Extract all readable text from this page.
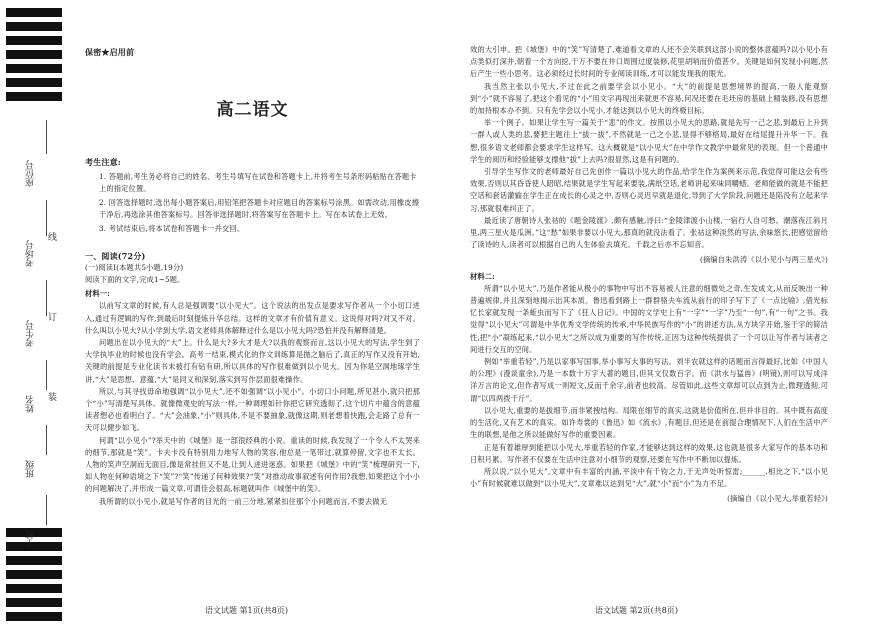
座位号
考场号
考生号
姓名
班级
学校
线
订
装
保密★启用前
高二语文
考生注意:
1. 答题前,考生务必将自己的姓名、考生号填写在试卷和答题卡上,并将考生号条形码粘贴在答题卡上的指定位置。
2. 回答选择题时,选出每小题答案后,用铅笔把答题卡对应题目的答案标号涂黑。如需改动,用橡皮擦干净后,再选涂其他答案标号。回答非选择题时,将答案写在答题卡上。写在本试卷上无效。
3. 考试结束后,将本试卷和答题卡一并交回。
一、阅读(72分)

(一)阅读Ⅰ(本题共5小题,19分)

阅读下面的文字,完成1~5题。

材料一:

以前写文章的时候,有人总是强调要“以小见大”。这个说法的出发点是要求写作者从一个小切口进入,通过有逻辑的写作,到最后时刻提炼升华总结。这样的文章才有价值有意义。这说得对吗?对又不对。什么叫以小见大?从小学到大学,语文老师具体解释过什么是以小见大吗?恐怕并没有解释清楚。

问题出在以小见大的“大”上。什么是大?多大才是大?以我的观察而言,这以小见大的写法,学生到了大学执毕业的时候也没有学会。高考一结束,模式化的作文训练算是抛之脑后了,真正的写作又没有开始,关键的前提是专业化读书未被打有钻有研,所以具体的写作很难做到以小见大。因为你是空洞地琢学生讲,“大”是思想、意蕴,“大”是同义和深刻,落实到写作层面很难操作。

所以,与其寻找毋命地强调“以小见大”,还不如强调“以小见小”。小切口小问题,所见甚小,就只把那个“小”写清楚写具体。就像微观史的写法一样,一种调理如针你把它研究透彻了,这个切片中蕴含的意蕴读者想必也看明白了。“大”会油象,“小”则具体,不是不要抽象,就像这期,则老想着快跑,会走路了总有一天可以健步如飞。

何谓“以小见小”?举天中的《城堡》是一部很经典的小说。重读的时候,我发现了一个令人不太哭来的细节,那就是“笑”。卡夫卡没有特别用力地写人物的笑容,他总是一笔带过,就算停留,文字也不太长。人物的笑声空洞而无面目,像是常挂但又不是,让到人迸进迷惑。如果把《城堡》中的“笑”梳理研究一下,如人物在何种语境之下“笑”?“笑”传递了何种效果?“笑”对推动故事叙述有何作用?我想,如果把这个小小的问题解决了,并形成一篇文章,可谓佳会很高,标题就叫作《城堡中的笑》。

我所谓的以小见小,就是写作者的目光的一前三分地,紧紧扣住那个小问题而言,不要去做无

效的大引申。把《城堡》中的“笑”写清楚了,难道看文章的人还不会关联到这部小说的整体意蕴吗?以小见小有点类似打深井,朝着一个方向挖,干万不要在井口周围过度装修,花里胡哨而价值甚少。关键是如何发现小问题,然后产生一些小思考。这必须经过长时间的专业阅读训练,才可以能发现我的眼光。

我当然主张以小见大,不过在此之前要学会以小见小。“大”的前提是思想境界的提高,一般人能观察到“小”就不容易了,把这个看见的“小”用文字再现出来就更不容易,何况还要在毛坯房的基础上精装修,没有思想的加持根本办不到。只有先学会以小见小,才能达到以小见大的终极目标。

举一个例子。如果让学生写一篇关于“悲”的作文。按照以小见大的思路,就是先写一己之悲,到最后上升到一群人或人类的悲,要把主题往上“拔一拔”,不然就是一己之小悲,显得不够格局,最好在结尾提升升华一下。我想,很多语文老师都会要求学生这样写。这大概就是“以小见大”在中学作文教学中最常见的表现。但一个普通中学生的阅历和经验能够支撑他“拔”上去吗?很显然,这是有问题的。

引导学生写作文的老师最好自己先创作一篇以小见大的作品,给学生作为案例来示范,我觉得可能这会有些效果,否则以其昏昏使人昭昭,结果就是学生写起来要装,满纸空话,老师讲起来味同嚼蜡。老师能做的就是不能把空话和套话灌输在学生正在成长的心灵之中,否则心灵迟早就是退化,导到了大学阶段,问题还是陷没有立起来学习,那就很难纠正了。

最近读了唐朝诗人张祜的《题金陵渡》,颇有感触,诗曰:“金陵津渡小山楼,一宿行人自可愁。潮落夜江斜月里,两三星火是瓜洲。”这“愁”如果非要以小见大,那真的就没法看了。张祜这种淡然的写法,余味悠长,把感觉留给了读诗的人,读者可以根据自己的人生体验去填充。千载之后亦不忘知音。

(摘编自朱洪涛《以小见小与两三星火》)

材料二:

所谓“以小见大”,乃是作者能从极小的事物中写出不容易被人注意的细微处之奇,生发成文,从而反映出一种普遍规律,并且深刻地揭示出其本质。鲁迅看到路上一群群骆夫车流从前行的印子写下了《一点比喻》,借光标忆长家就发现一条蚯虫而写下了《狂人日记》。中国的文学史上有“一字”“一字”乃至“一句”,有“一句”之书。我觉得“以小见大”可谓是中华优秀文学传统的传承,中华民族写作的“小”的讲述方法,从方块字开始,鉴于字的简洁性,把“小”凝练起来,“以小见大”之所以成为重要的写作传统,正因为这种传统提供了一个可以让写作者与读者之间进行交互的空间。

例如“举重若轻”,乃是以家事写国事,举小事写大事的写法。刘半农就这样的话题而言得最好,比如《中国人的公理》(漫谈童余),乃是一本数十万字大著的题目,但其文仅数百字。而《洪水与猛兽》(明镜),则可以写成洋洋万言的论文,但作者写成一则短文,反而千余字,前者也较高。尽管如此,这些文章却可以点到为止,微理透彻,可谓“以四两拨千斤”。

以小见大,重要的是拔细节,而非紧拽结构。局限在细节的真实,这就是价值所在,但并非目的。其中既有高度的生活化,又有艺术的真实。如许寿裳的《鲁迅》如《流水》,有题目,但还是在前提合理情况下,人们在生活中产生的联想,是他之所以能做好写作的重要因素。

正是有着雄厚到能把以小见大,举重若轻的作家,才能够达到这样的效果,这也就是很多大家写作的基本功和日积月累。写作者不仅要在生活中注意对小细节的观察,还要在写作中不断加以提炼。

所以说,“以小见大”,文章中有丰富的内涵,平淡中有千钧之力,于无声处听惊雷;______,相比之下,“以小见小”有时候就难以做到“以小见大”,文章难以达到见“大”,就“小”而“小”为力不足。

(摘编自《以小见大,举重若轻》)

语文试题 第1页(共8页)	语文试题 第2页(共8页)
